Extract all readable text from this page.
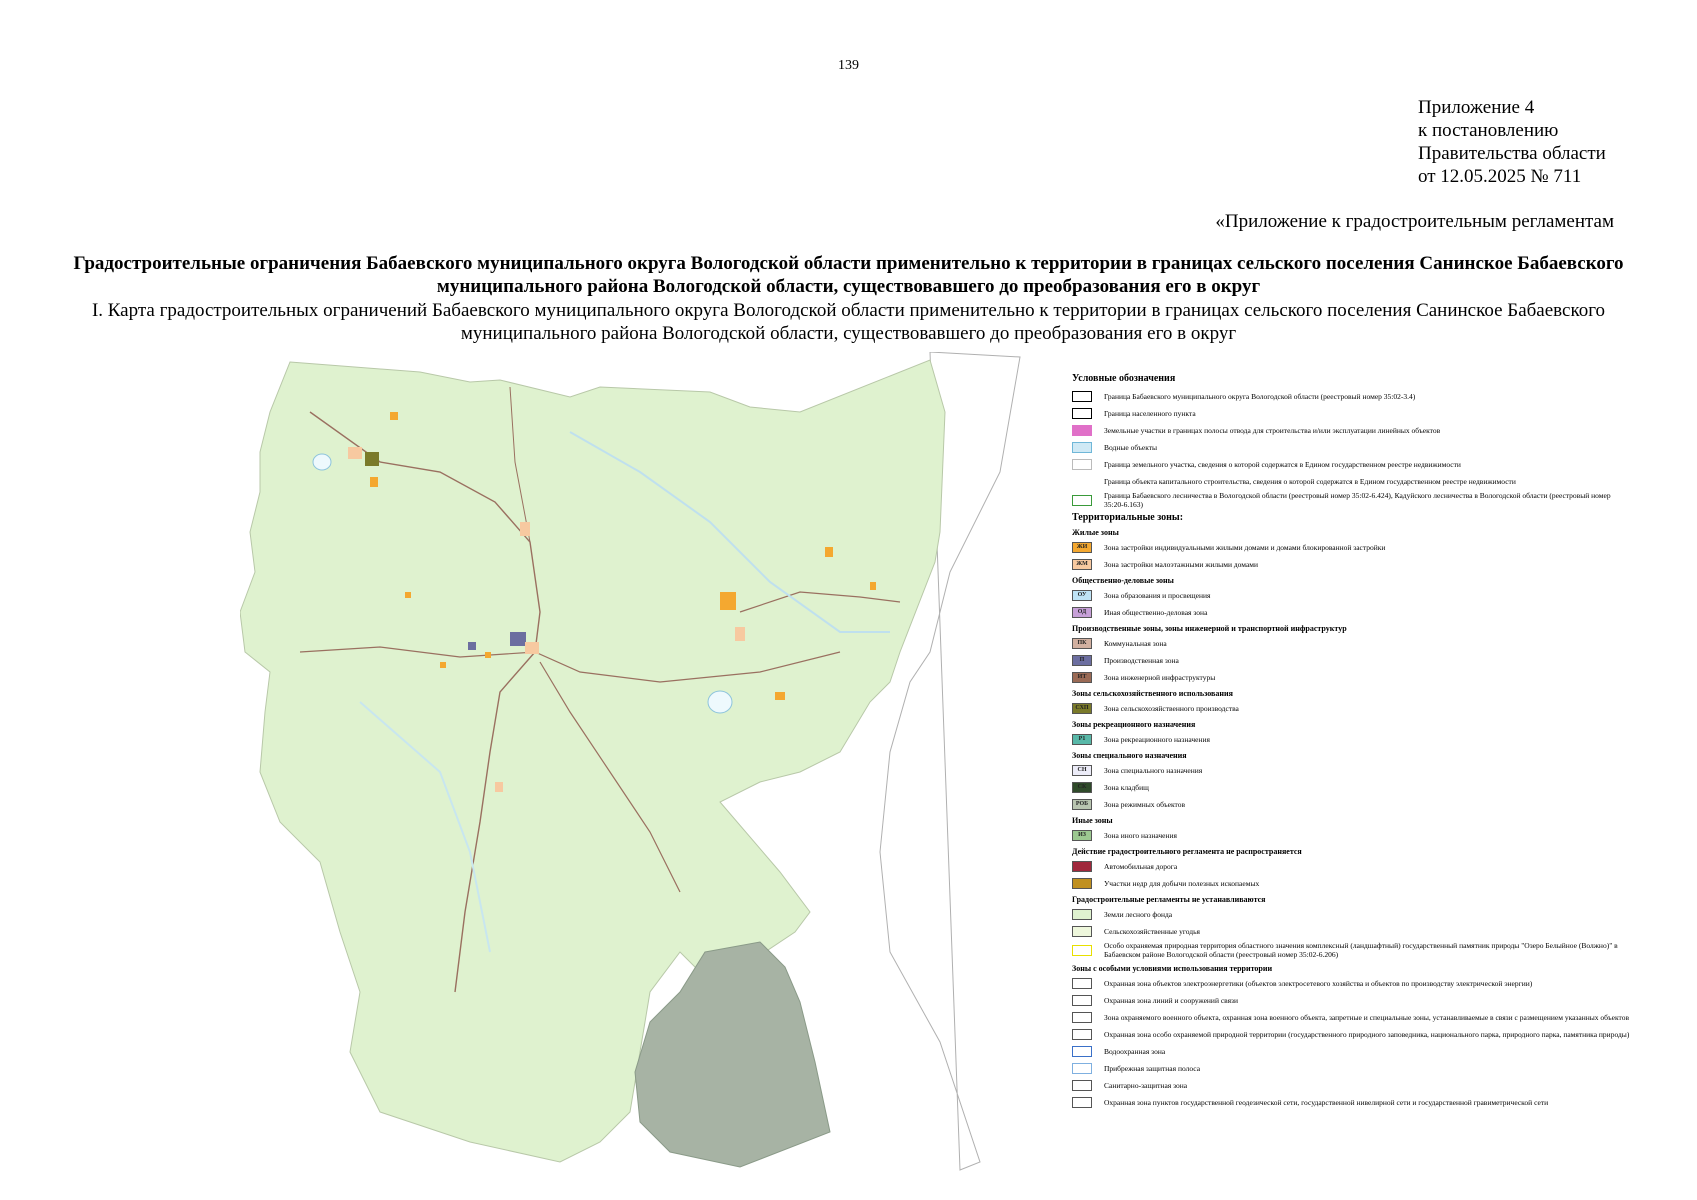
139
Приложение 4
к постановлению
Правительства области
от 12.05.2025 № 711
«Приложение к градостроительным регламентам
Градостроительные ограничения Бабаевского муниципального округа Вологодской области применительно к территории в границах сельского поселения Санинское Бабаевского муниципального района Вологодской области, существовавшего до преобразования его в округ
I. Карта градостроительных ограничений Бабаевского муниципального округа Вологодской области применительно к территории в границах сельского поселения Санинское Бабаевского муниципального района Вологодской области, существовавшего до преобразования его в округ
Условные обозначения
Граница Бабаевского муниципального округа Вологодской области (реестровый номер 35:02-3.4)
Граница населенного пункта
Земельные участки в границах полосы отвода для строительства и/или эксплуатации линейных объектов
Водные объекты
Граница земельного участка, сведения о которой содержатся в Едином государственном реестре недвижимости
Граница объекта капитального строительства, сведения о которой содержатся в Едином государственном реестре недвижимости
Граница Бабаевского лесничества в Вологодской области (реестровый номер 35:02-6.424), Кадуйского лесничества в Вологодской области (реестровый номер 35:20-6.163)
Территориальные зоны:
Жилые зоны
ЖИ	Зона застройки индивидуальными жилыми домами и домами блокированной застройки
ЖМ	Зона застройки малоэтажными жилыми домами
Общественно-деловые зоны
ОУ	Зона образования и просвещения
ОД	Иная общественно-деловая зона
Производственные зоны, зоны инженерной и транспортной инфраструктур
ПК	Коммунальная зона
П	Производственная зона
ИТ	Зона инженерной инфраструктуры
Зоны сельскохозяйственного использования
СХП	Зона сельскохозяйственного производства
Зоны рекреационного назначения
Р1	Зона рекреационного назначения
Зоны специального назначения
СН	Зона специального назначения
СК	Зона кладбищ
РОБ	Зона режимных объектов
Иные зоны
ИЗ	Зона иного назначения
Действие градостроительного регламента не распространяется
Автомобильная дорога
Участки недр для добычи полезных ископаемых
Градостроительные регламенты не устанавливаются
Земли лесного фонда
Сельскохозяйственные угодья
Особо охраняемая природная территория областного значения комплексный (ландшафтный) государственный памятник природы "Озеро Белыйное (Волжно)" в Бабаевском районе Вологодской области (реестровый номер 35:02-6.206)
Зоны с особыми условиями использования территории
Охранная зона объектов электроэнергетики (объектов электросетевого хозяйства и объектов по производству электрической энергии)
Охранная зона линий и сооружений связи
Зона охраняемого военного объекта, охранная зона военного объекта, запретные и специальные зоны, устанавливаемые в связи с размещением указанных объектов
Охранная зона особо охраняемой природной территории (государственного природного заповедника, национального парка, природного парка, памятника природы)
Водоохранная зона
Прибрежная защитная полоса
Санитарно-защитная зона
Охранная зона пунктов государственной геодезической сети, государственной нивелирной сети и государственной гравиметрической сети
